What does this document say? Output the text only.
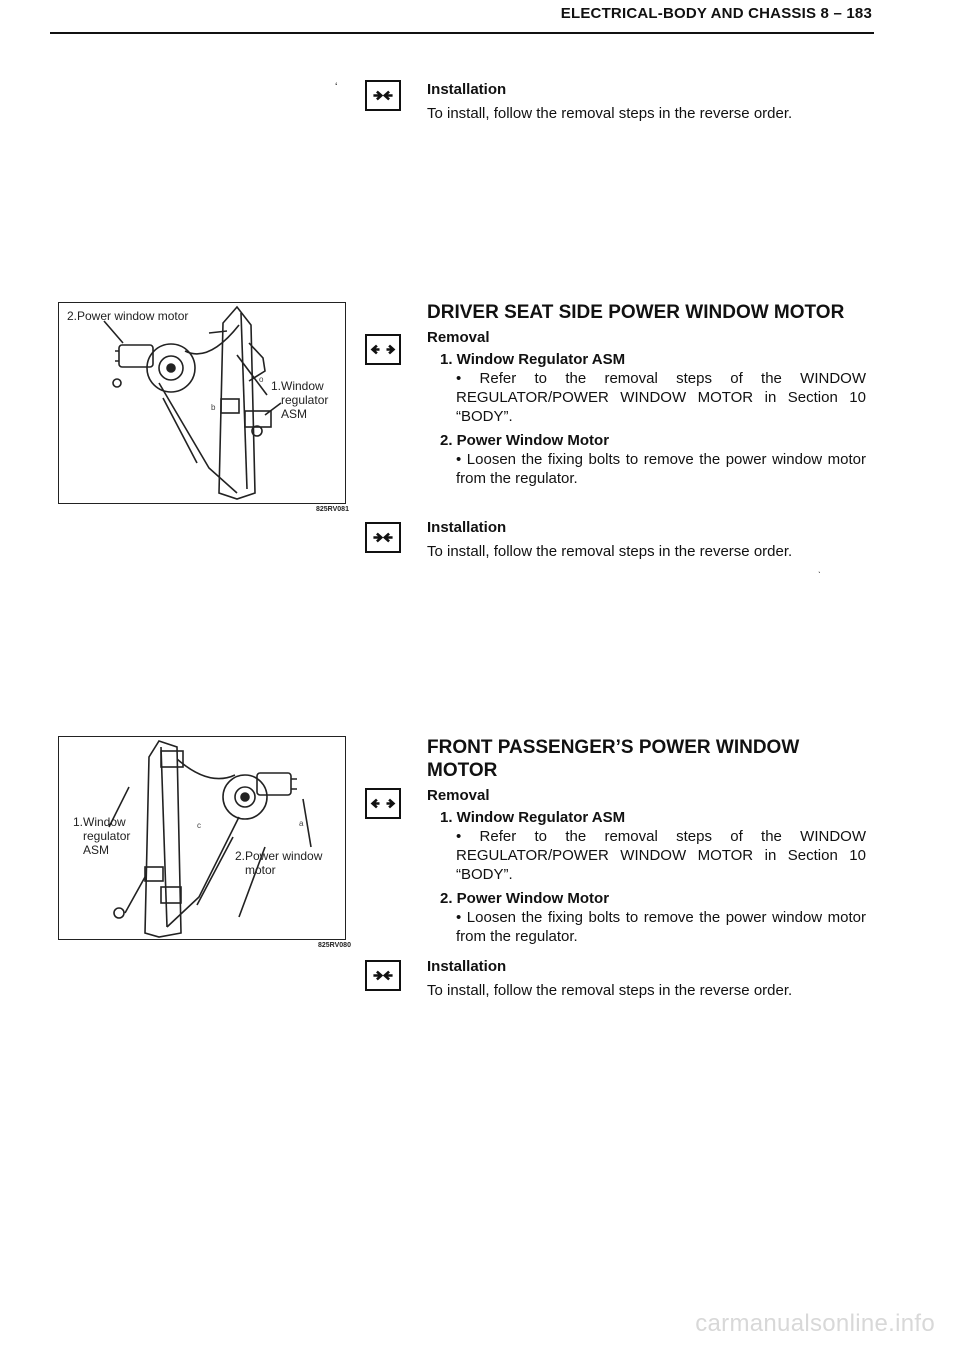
ELECTRICAL-BODY AND CHASSIS 8 – 183
‘	Installation
To install, follow the removal steps in the reverse order.
2.Power window motor
1.Window
regulator
ASM
b
o
825RV081
DRIVER SEAT SIDE POWER WINDOW MOTOR
Removal
1. Window Regulator ASM
• Refer to the removal steps of the WINDOW REGULATOR/POWER WINDOW MOTOR in Section 10 “BODY”.
2. Power Window Motor
• Loosen the fixing bolts to remove the power window motor from the regulator.
Installation
To install, follow the removal steps in the reverse order.
ˎ
1.Window
regulator
ASM	2.Power window
motor
c	a
825RV080
FRONT PASSENGER’S POWER WINDOW
MOTOR
Removal
1. Window Regulator ASM
• Refer to the removal steps of the WINDOW REGULATOR/POWER WINDOW MOTOR in Section 10 “BODY”.
2. Power Window Motor
• Loosen the fixing bolts to remove the power window motor from the regulator.
Installation
To install, follow the removal steps in the reverse order.
carmanualsonline.info
